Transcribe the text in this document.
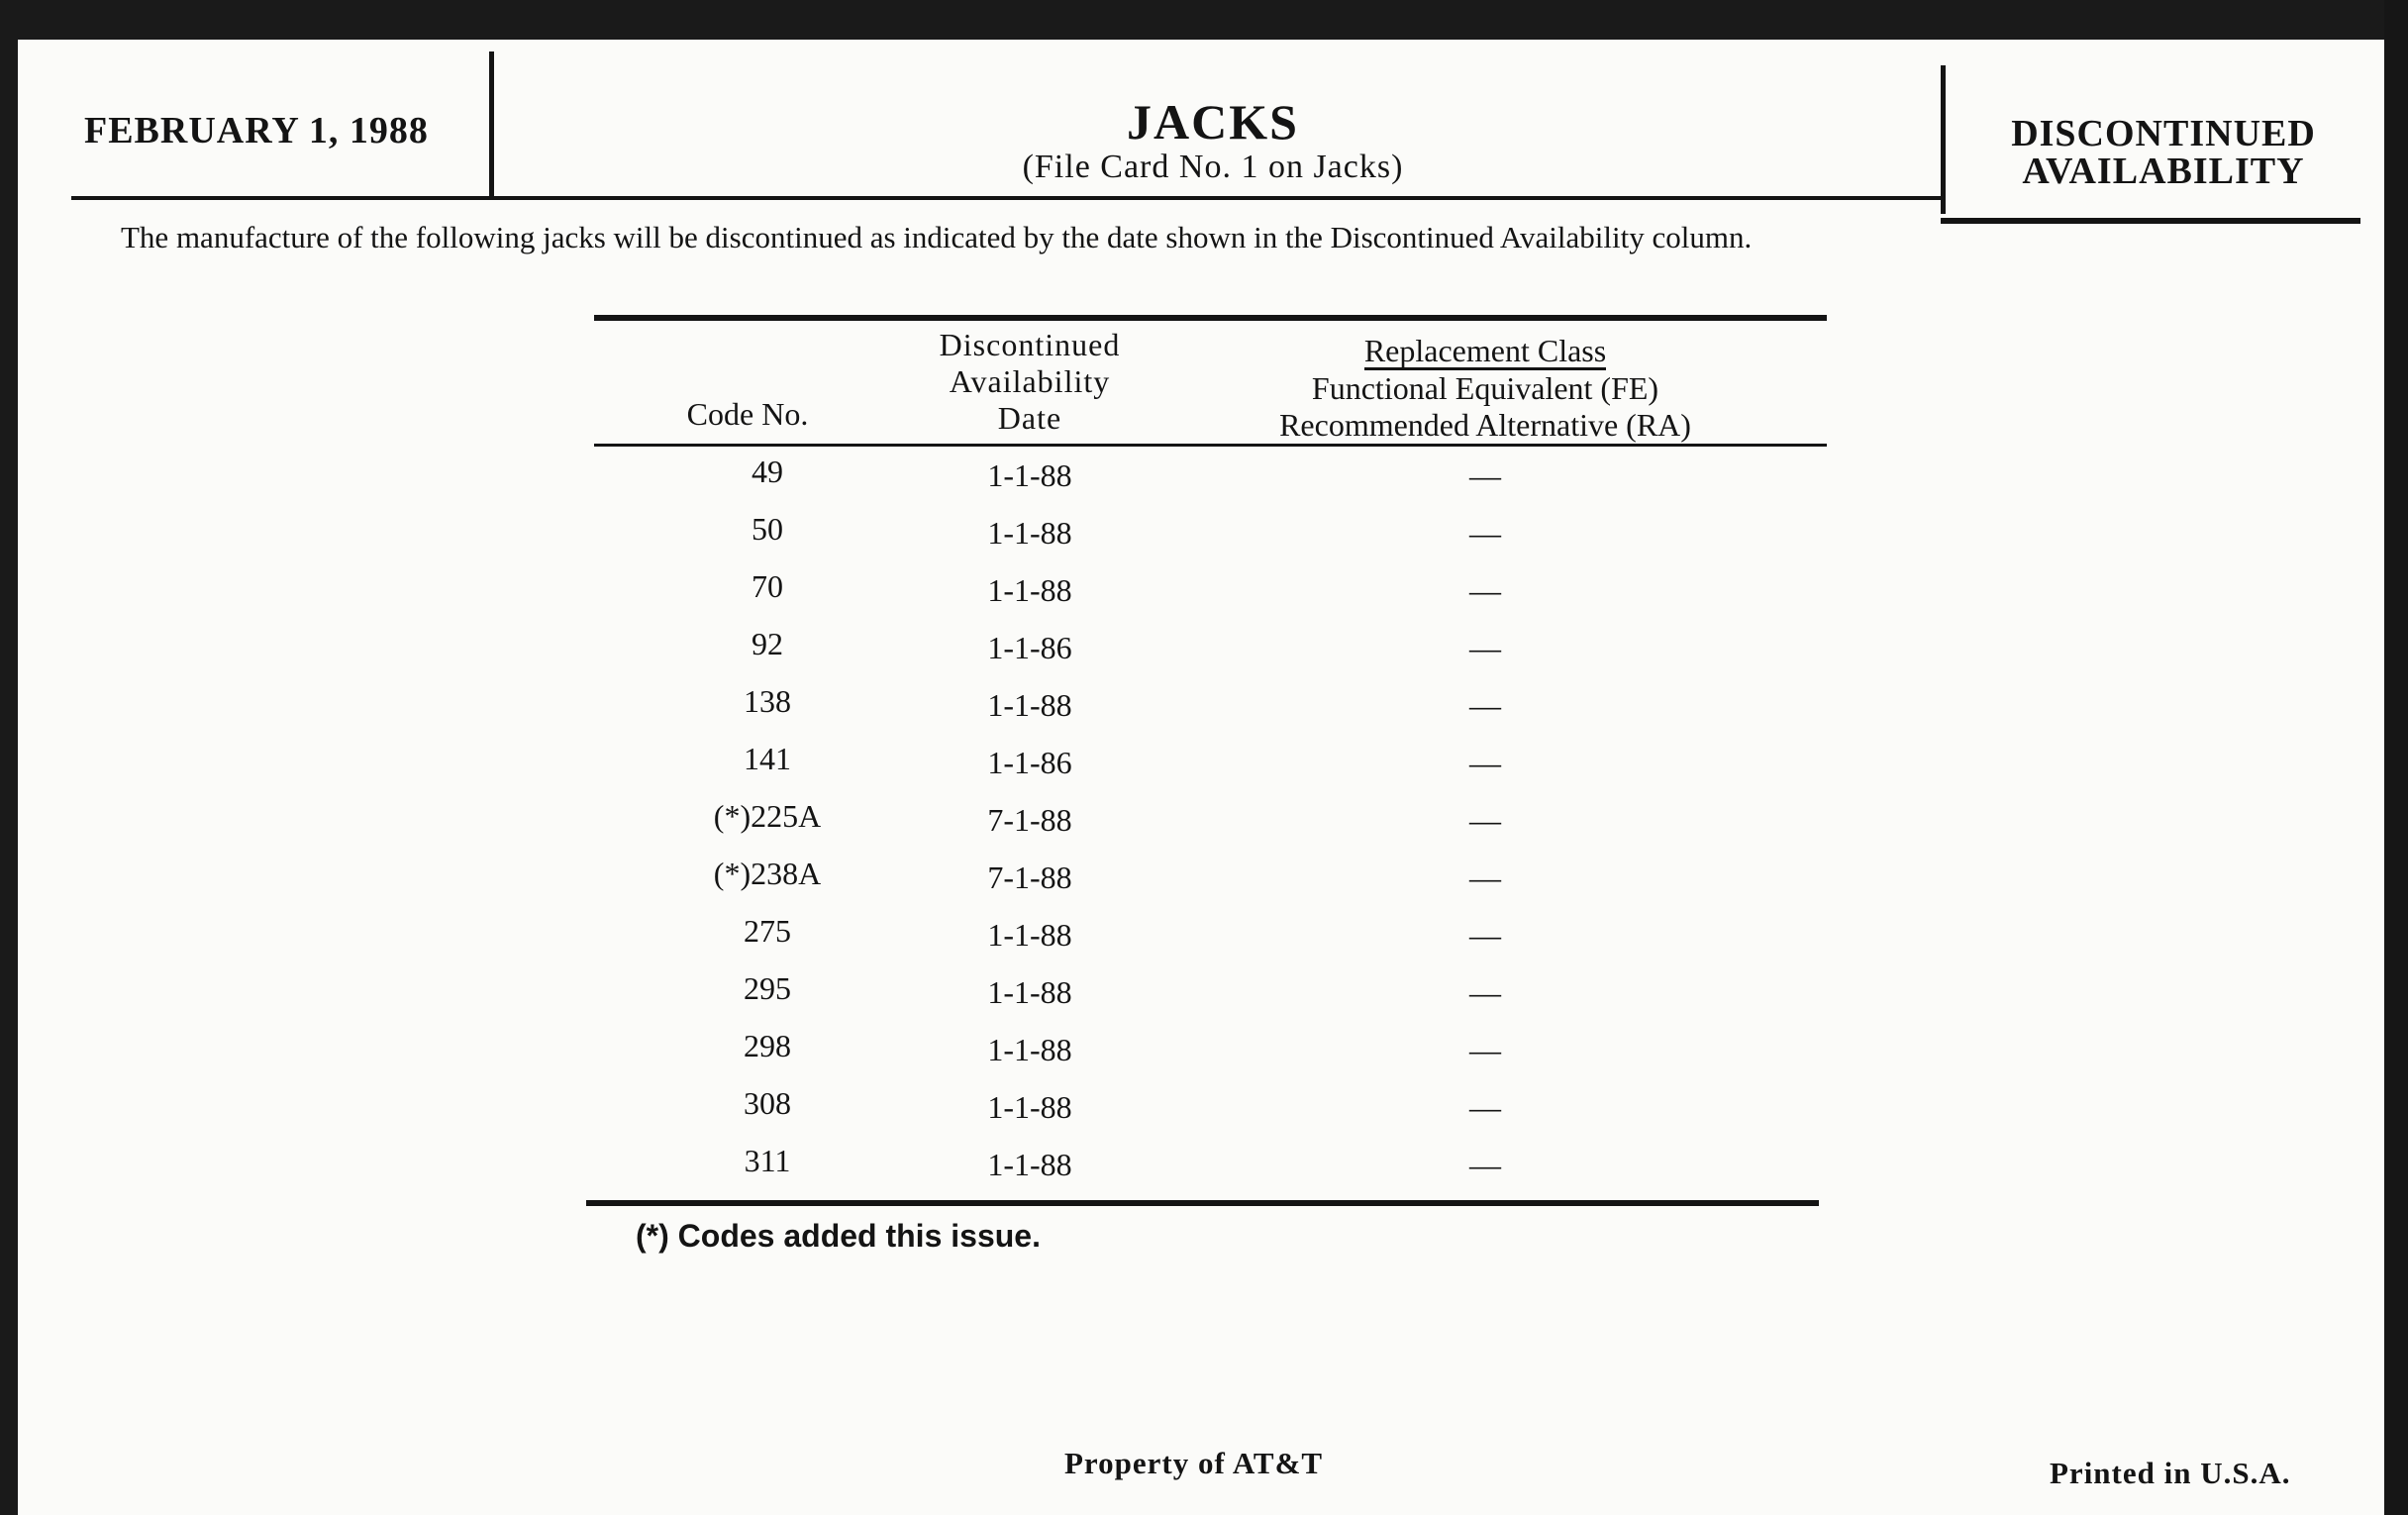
FEBRUARY 1, 1988	JACKS
(File Card No. 1 on Jacks)
DISCONTINUED
AVAILABILITY
The manufacture of the following jacks will be discontinued as indicated by the date shown in the Discontinued Availability column.
Code No.
Discontinued
Availability
Date
Replacement Class
Functional Equivalent (FE)
Recommended Alternative (RA)
49	1-1-88	—
50	1-1-88	—
70	1-1-88	—
92	1-1-86	—
138	1-1-88	—
141	1-1-86	—
(*)225A	7-1-88	—
(*)238A	7-1-88	—
275	1-1-88	—
295	1-1-88	—
298	1-1-88	—
308	1-1-88	—
311	1-1-88	—
(*) Codes added this issue.
Property of AT&T	Printed in U.S.A.
